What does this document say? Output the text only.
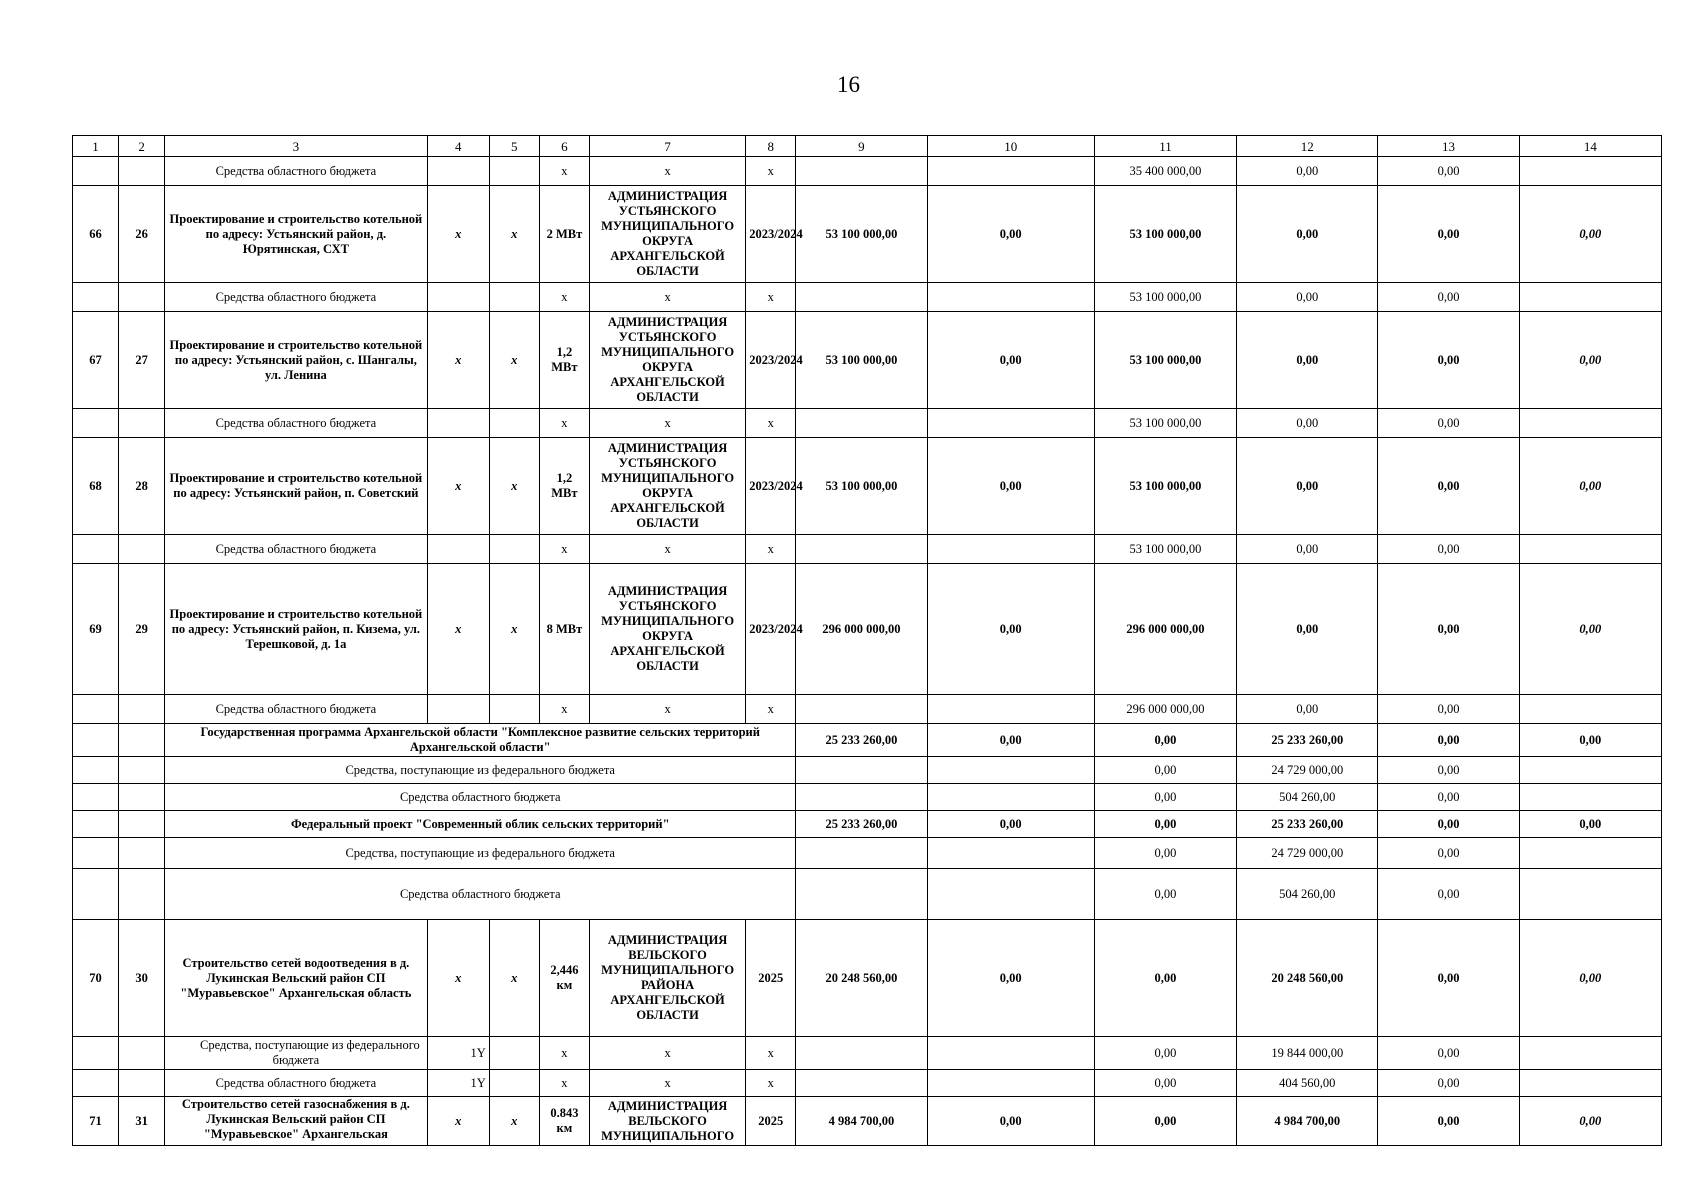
16
1	2	3	4	5	6	7	8	9	10	11	12	13	14
		Средства областного бюджета			х	х	х			35 400 000,00	0,00	0,00	
66	26	Проектирование и строительство котельной по адресу: Устьянский район, д. Юрятинская, СХТ	х	х	2 МВт	АДМИНИСТРАЦИЯ УСТЬЯНСКОГО МУНИЦИПАЛЬНОГО ОКРУГА АРХАНГЕЛЬСКОЙ ОБЛАСТИ	2023/2024	53 100 000,00	0,00	53 100 000,00	0,00	0,00	0,00
		Средства областного бюджета			х	х	х			53 100 000,00	0,00	0,00	
67	27	Проектирование и строительство котельной по адресу: Устьянский район, с. Шангалы, ул. Ленина	х	х	1,2 МВт	АДМИНИСТРАЦИЯ УСТЬЯНСКОГО МУНИЦИПАЛЬНОГО ОКРУГА АРХАНГЕЛЬСКОЙ ОБЛАСТИ	2023/2024	53 100 000,00	0,00	53 100 000,00	0,00	0,00	0,00
		Средства областного бюджета			х	х	х			53 100 000,00	0,00	0,00	
68	28	Проектирование и строительство котельной по адресу: Устьянский район, п. Советский	х	х	1,2 МВт	АДМИНИСТРАЦИЯ УСТЬЯНСКОГО МУНИЦИПАЛЬНОГО ОКРУГА АРХАНГЕЛЬСКОЙ ОБЛАСТИ	2023/2024	53 100 000,00	0,00	53 100 000,00	0,00	0,00	0,00
		Средства областного бюджета			х	х	х			53 100 000,00	0,00	0,00	
69	29	Проектирование и строительство котельной по адресу: Устьянский район, п. Кизема, ул. Терешковой, д. 1а	х	х	8 МВт	АДМИНИСТРАЦИЯ УСТЬЯНСКОГО МУНИЦИПАЛЬНОГО ОКРУГА АРХАНГЕЛЬСКОЙ ОБЛАСТИ	2023/2024	296 000 000,00	0,00	296 000 000,00	0,00	0,00	0,00
		Средства областного бюджета			х	х	х			296 000 000,00	0,00	0,00	
		Государственная программа Архангельской области "Комплексное развитие сельских территорий Архангельской области"						25 233 260,00	0,00	0,00	25 233 260,00	0,00	0,00
		Средства, поступающие из федерального бюджета								0,00	24 729 000,00	0,00	
		Средства областного бюджета								0,00	504 260,00	0,00	
		Федеральный проект "Современный облик сельских территорий"						25 233 260,00	0,00	0,00	25 233 260,00	0,00	0,00
		Средства, поступающие из федерального бюджета								0,00	24 729 000,00	0,00	
		Средства областного бюджета								0,00	504 260,00	0,00	
70	30	Строительство сетей водоотведения в д. Лукинская Вельский район СП "Муравьевское" Архангельская область	х	х	2,446 км	АДМИНИСТРАЦИЯ ВЕЛЬСКОГО МУНИЦИПАЛЬНОГО РАЙОНА АРХАНГЕЛЬСКОЙ ОБЛАСТИ	2025	20 248 560,00	0,00	0,00	20 248 560,00	0,00	0,00
		Средства, поступающие из федерального бюджета	1Y		х	х	х			0,00	19 844 000,00	0,00	
		Средства областного бюджета	1Y		х	х	х			0,00	404 560,00	0,00	
71	31	Строительство сетей газоснабжения в д. Лукинская Вельский район СП "Муравьевское" Архангельская	х	х	0.843 км	АДМИНИСТРАЦИЯ ВЕЛЬСКОГО МУНИЦИПАЛЬНОГО	2025	4 984 700,00	0,00	0,00	4 984 700,00	0,00	0,00
